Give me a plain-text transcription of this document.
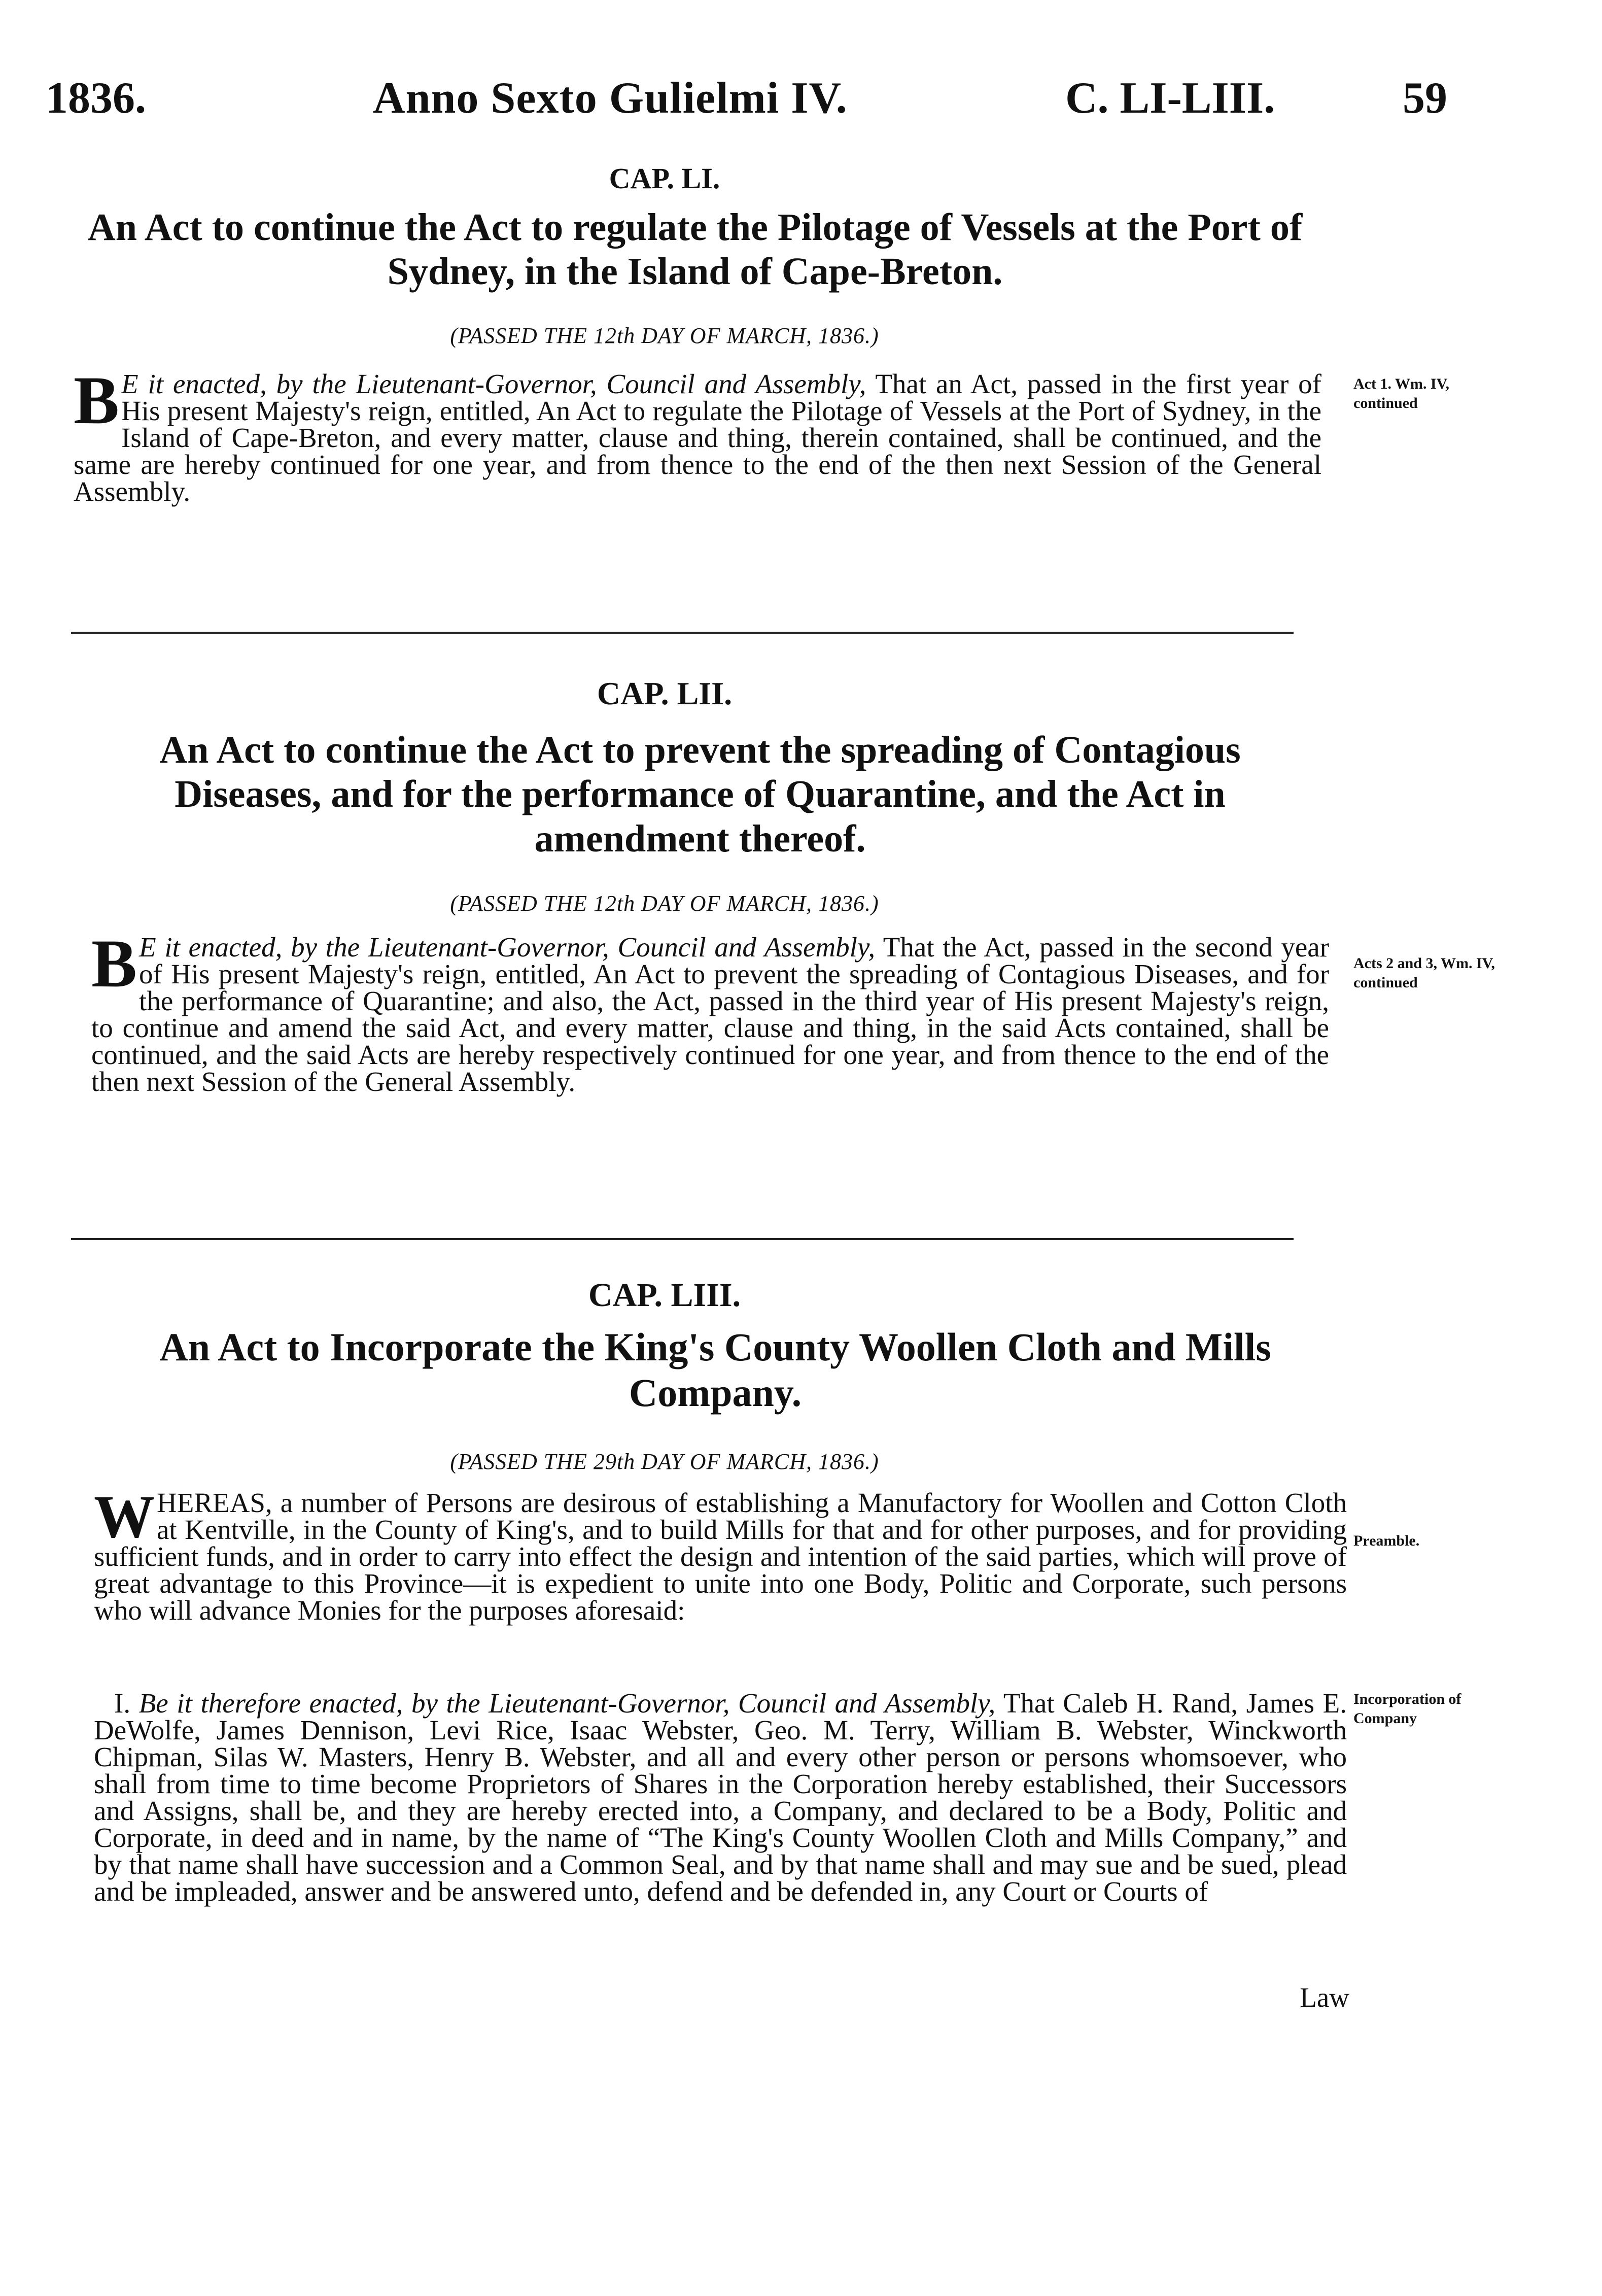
1836.	Anno Sexto Gulielmi IV.	C. LI-LIII.	59
CAP. LI.
An Act to continue the Act to regulate the Pilotage of Vessels at the Port of Sydney, in the Island of Cape-Breton.
(PASSED THE 12th DAY OF MARCH, 1836.)
B E it enacted, by the Lieutenant-Governor, Council and Assembly, That an Act, passed in the first year of His present Majesty's reign, entitled, An Act to regulate the Pilotage of Vessels at the Port of Sydney, in the Island of Cape-Breton, and every matter, clause and thing, therein contained, shall be continued, and the same are hereby continued for one year, and from thence to the end of the then next Session of the General Assembly.
Act 1. Wm. IV, continued
CAP. LII.
An Act to continue the Act to prevent the spreading of Contagious Diseases, and for the performance of Quarantine, and the Act in amendment thereof.
(PASSED THE 12th DAY OF MARCH, 1836.)
B E it enacted, by the Lieutenant-Governor, Council and Assembly, That the Act, passed in the second year of His present Majesty's reign, entitled, An Act to prevent the spreading of Contagious Diseases, and for the performance of Quarantine; and also, the Act, passed in the third year of His present Majesty's reign, to continue and amend the said Act, and every matter, clause and thing, in the said Acts contained, shall be continued, and the said Acts are hereby respectively continued for one year, and from thence to the end of the then next Session of the General Assembly.
Acts 2 and 3, Wm. IV, continued
CAP. LIII.
An Act to Incorporate the King's County Woollen Cloth and Mills Company.
(PASSED THE 29th DAY OF MARCH, 1836.)
WHEREAS, a number of Persons are desirous of establishing a Manufactory for Woollen and Cotton Cloth at Kentville, in the County of King's, and to build Mills for that and for other purposes, and for providing sufficient funds, and in order to carry into effect the design and intention of the said parties, which will prove of great advantage to this Province—it is expedient to unite into one Body, Politic and Corporate, such persons who will advance Monies for the purposes aforesaid:
I. Be it therefore enacted, by the Lieutenant-Governor, Council and Assembly, That Caleb H. Rand, James E. DeWolfe, James Dennison, Levi Rice, Isaac Webster, Geo. M. Terry, William B. Webster, Winckworth Chipman, Silas W. Masters, Henry B. Webster, and all and every other person or persons whomsoever, who shall from time to time become Proprietors of Shares in the Corporation hereby established, their Successors and Assigns, shall be, and they are hereby erected into, a Company, and declared to be a Body, Politic and Corporate, in deed and in name, by the name of “The King's County Woollen Cloth and Mills Company,” and by that name shall have succession and a Common Seal, and by that name shall and may sue and be sued, plead and be impleaded, answer and be answered unto, defend and be defended in, any Court or Courts of
Law
Preamble.
Incorporation of Company
